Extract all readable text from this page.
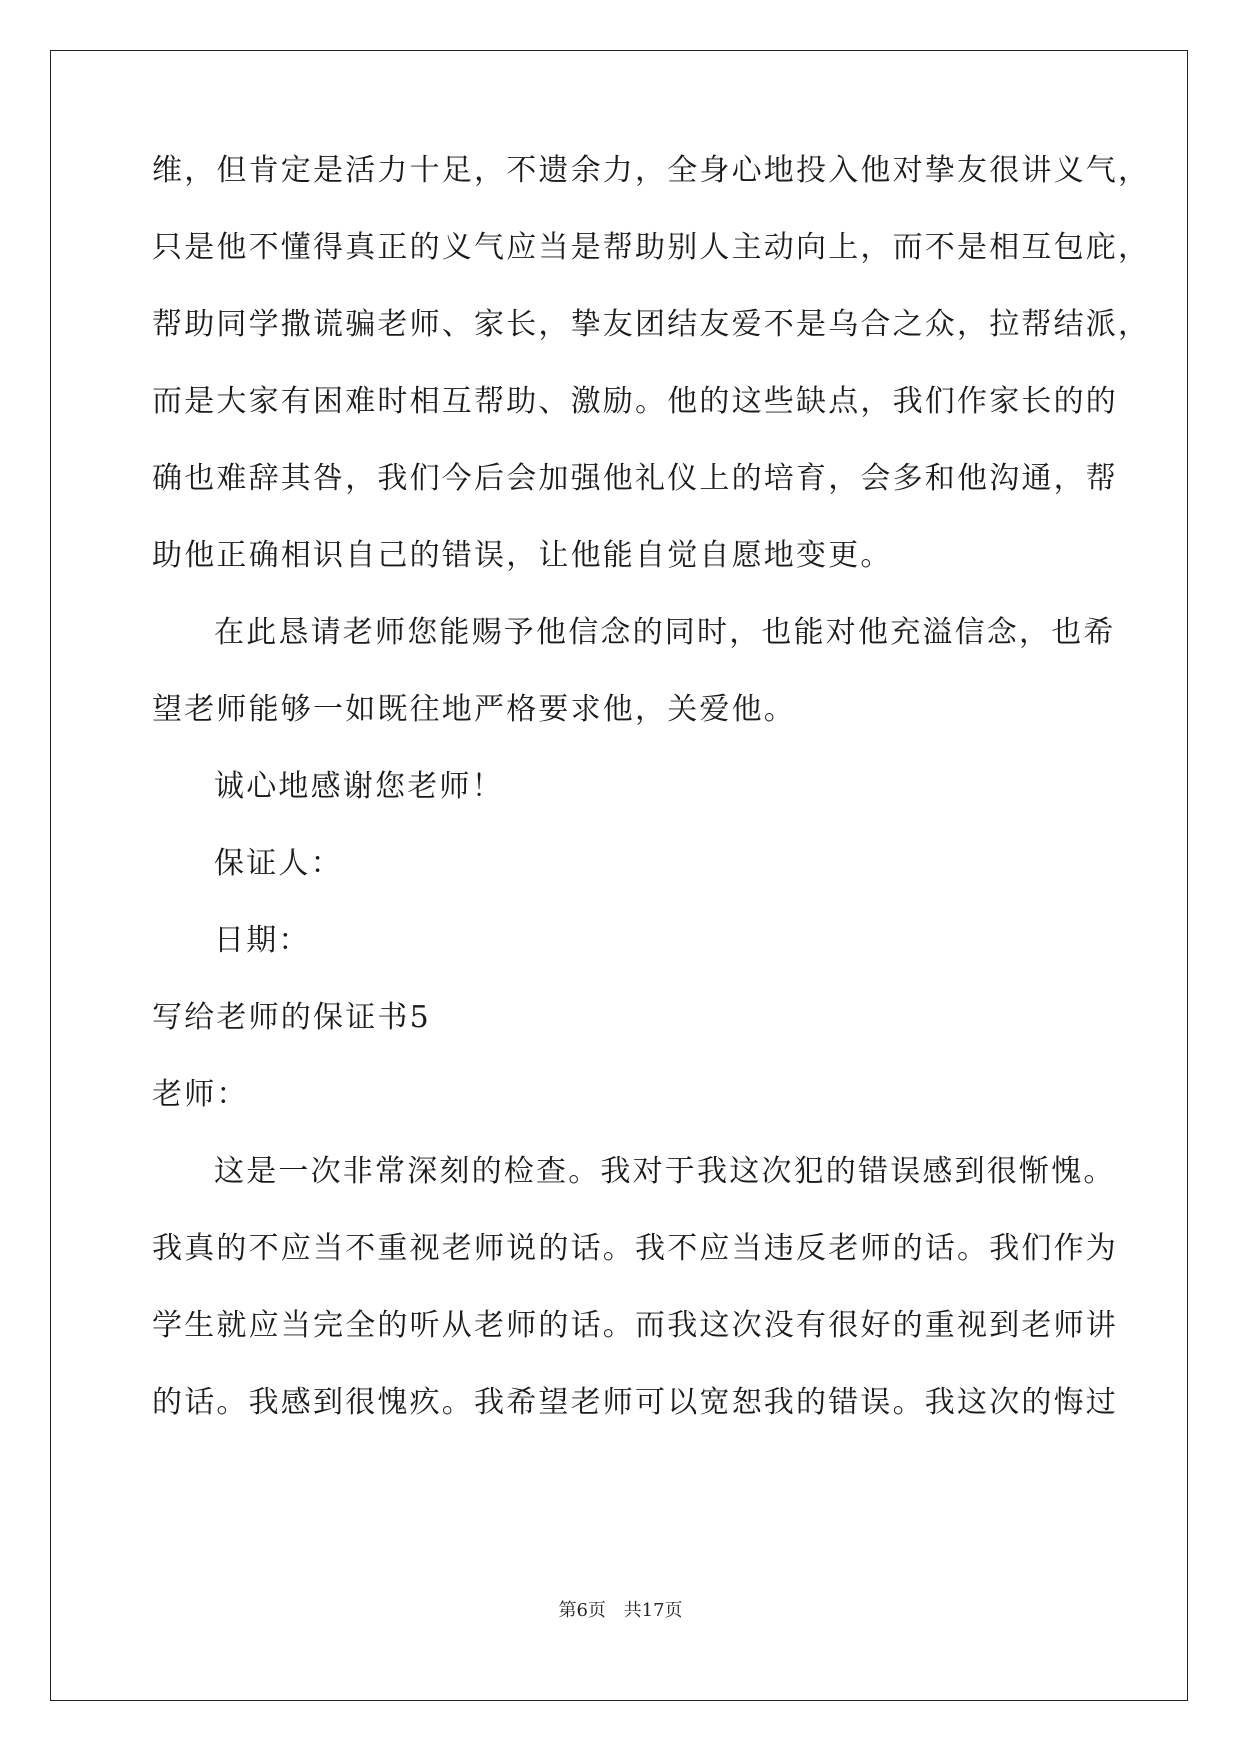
维，但肯定是活力十足，不遗余力，全身心地投入他对挚友很讲义气，
只是他不懂得真正的义气应当是帮助别人主动向上，而不是相互包庇，
帮助同学撒谎骗老师、家长，挚友团结友爱不是乌合之众，拉帮结派，
而是大家有困难时相互帮助、激励。他的这些缺点，我们作家长的的
确也难辞其咎，我们今后会加强他礼仪上的培育，会多和他沟通，帮
助他正确相识自己的错误，让他能自觉自愿地变更。
在此恳请老师您能赐予他信念的同时，也能对他充溢信念，也希
望老师能够一如既往地严格要求他，关爱他。
诚心地感谢您老师！
保证人：
日期：
写给老师的保证书5
老师：
这是一次非常深刻的检查。我对于我这次犯的错误感到很惭愧。
我真的不应当不重视老师说的话。我不应当违反老师的话。我们作为
学生就应当完全的听从老师的话。而我这次没有很好的重视到老师讲
的话。我感到很愧疚。我希望老师可以宽恕我的错误。我这次的悔过
第6页 共17页
